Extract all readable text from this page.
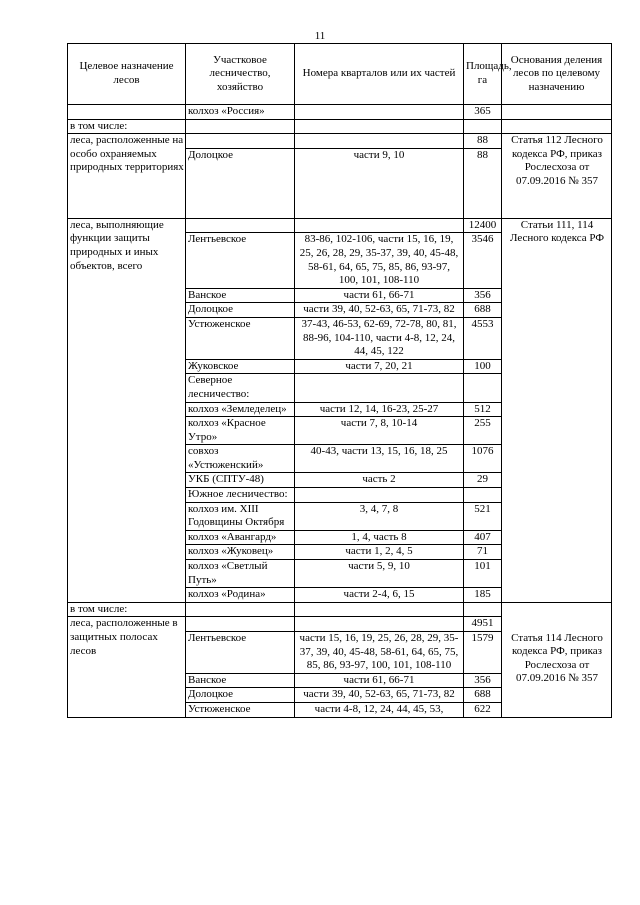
11
Целевое назначение лесов	Участковое лесничество, хозяйство	Номера кварталов или их частей	Площадь, га	Основания деления лесов по целевому назначению
	колхоз «Россия»		365	
в том числе:				

леса, расположенные на особо охраняемых природных территориях			88	Статья 112 Лесного кодекса РФ, приказ Рослесхоза от 07.09.2016 № 357

	Долоцкое	части 9, 10	88	

леса, выполняющие функции защиты природных и иных объектов, всего			12400	Статьи 111, 114 Лесного кодекса РФ

	Лентьевское	83-86, 102-106, части 15, 16, 19, 25, 26, 28, 29, 35-37, 39, 40, 45-48, 58-61, 64, 65, 75, 85, 86, 93-97, 100, 101, 108-110	3546	
	Ванское	части 61, 66-71	356	
	Долоцкое	части 39, 40, 52-63, 65, 71-73, 82	688	
	Устюженское	37-43, 46-53, 62-69, 72-78, 80, 81, 88-96, 104-110, части 4-8, 12, 24, 44, 45, 122	4553	
	Жуковское	части 7, 20, 21	100	
	Северное лесничество:			
	колхоз «Земледелец»	части 12, 14, 16-23, 25-27	512	
	колхоз «Красное Утро»	части 7, 8, 10-14	255	
	совхоз «Устюженский»	40-43, части 13, 15, 16, 18, 25	1076	
	УКБ (СПТУ-48)	часть 2	29	
	Южное лесничество:			
	колхоз им. XIII Годовщины Октября	3, 4, 7, 8	521	
	колхоз «Авангард»	1, 4, часть 8	407	
	колхоз «Жуковец»	части 1, 2, 4, 5	71	
	колхоз «Светлый Путь»	части 5, 9, 10	101	
	колхоз «Родина»	части 2-4, 6, 15	185	
в том числе:				

леса, расположенные в защитных полосах лесов			4951	
	Лентьевское	части 15, 16, 19, 25, 26, 28, 29, 35-37, 39, 40, 45-48, 58-61, 64, 65, 75, 85, 86, 93-97, 100, 101, 108-110	1579	Статья 114 Лесного кодекса РФ, приказ Рослесхоза от 07.09.2016 № 357

	Ванское	части 61, 66-71	356	
	Долоцкое	части 39, 40, 52-63, 65, 71-73, 82	688	
	Устюженское	части 4-8, 12, 24, 44, 45, 53,	622	
